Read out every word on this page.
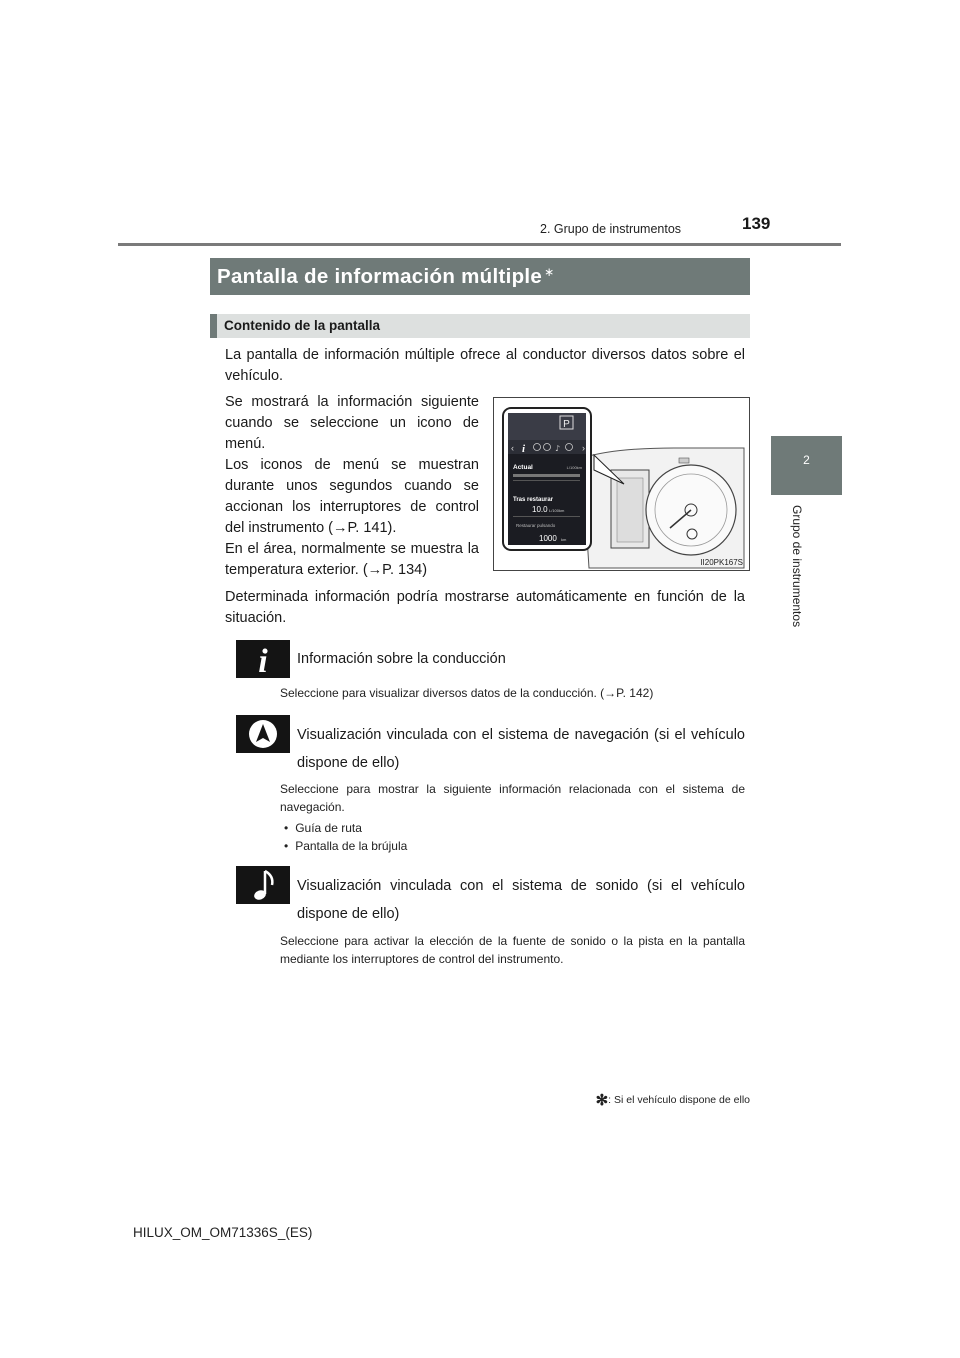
2. Grupo de instrumentos	139
2
Grupo de instrumentos
Pantalla de información múltiple ∗
Contenido de la pantalla
La pantalla de información múltiple ofrece al conductor diversos datos sobre el vehículo.
Se mostrará la información siguiente cuando se seleccione un icono de menú.
Los iconos de menú se muestran durante unos segundos cuando se accionan los interruptores de control del instrumento (→P. 141).
En el área, normalmente se muestra la temperatura exterior. (→P. 134)
P
‹	›
i	♪
Actual	L/100km
Tras restaurar
10.0 L/100km
Restaurar pulsando
1000 km
II20PK167S
Determinada información podría mostrarse automáticamente en función de la situación.
i Información sobre la conducción
Seleccione para visualizar diversos datos de la conducción. (→P. 142)
Visualización vinculada con el sistema de navegación (si el vehículo dispone de ello)
Seleccione para mostrar la siguiente información relacionada con el sistema de navegación.
• Guía de ruta
• Pantalla de la brújula
Visualización vinculada con el sistema de sonido (si el vehículo dispone de ello)
Seleccione para activar la elección de la fuente de sonido o la pista en la pantalla mediante los interruptores de control del instrumento.
✻: Si el vehículo dispone de ello
HILUX_OM_OM71336S_(ES)
